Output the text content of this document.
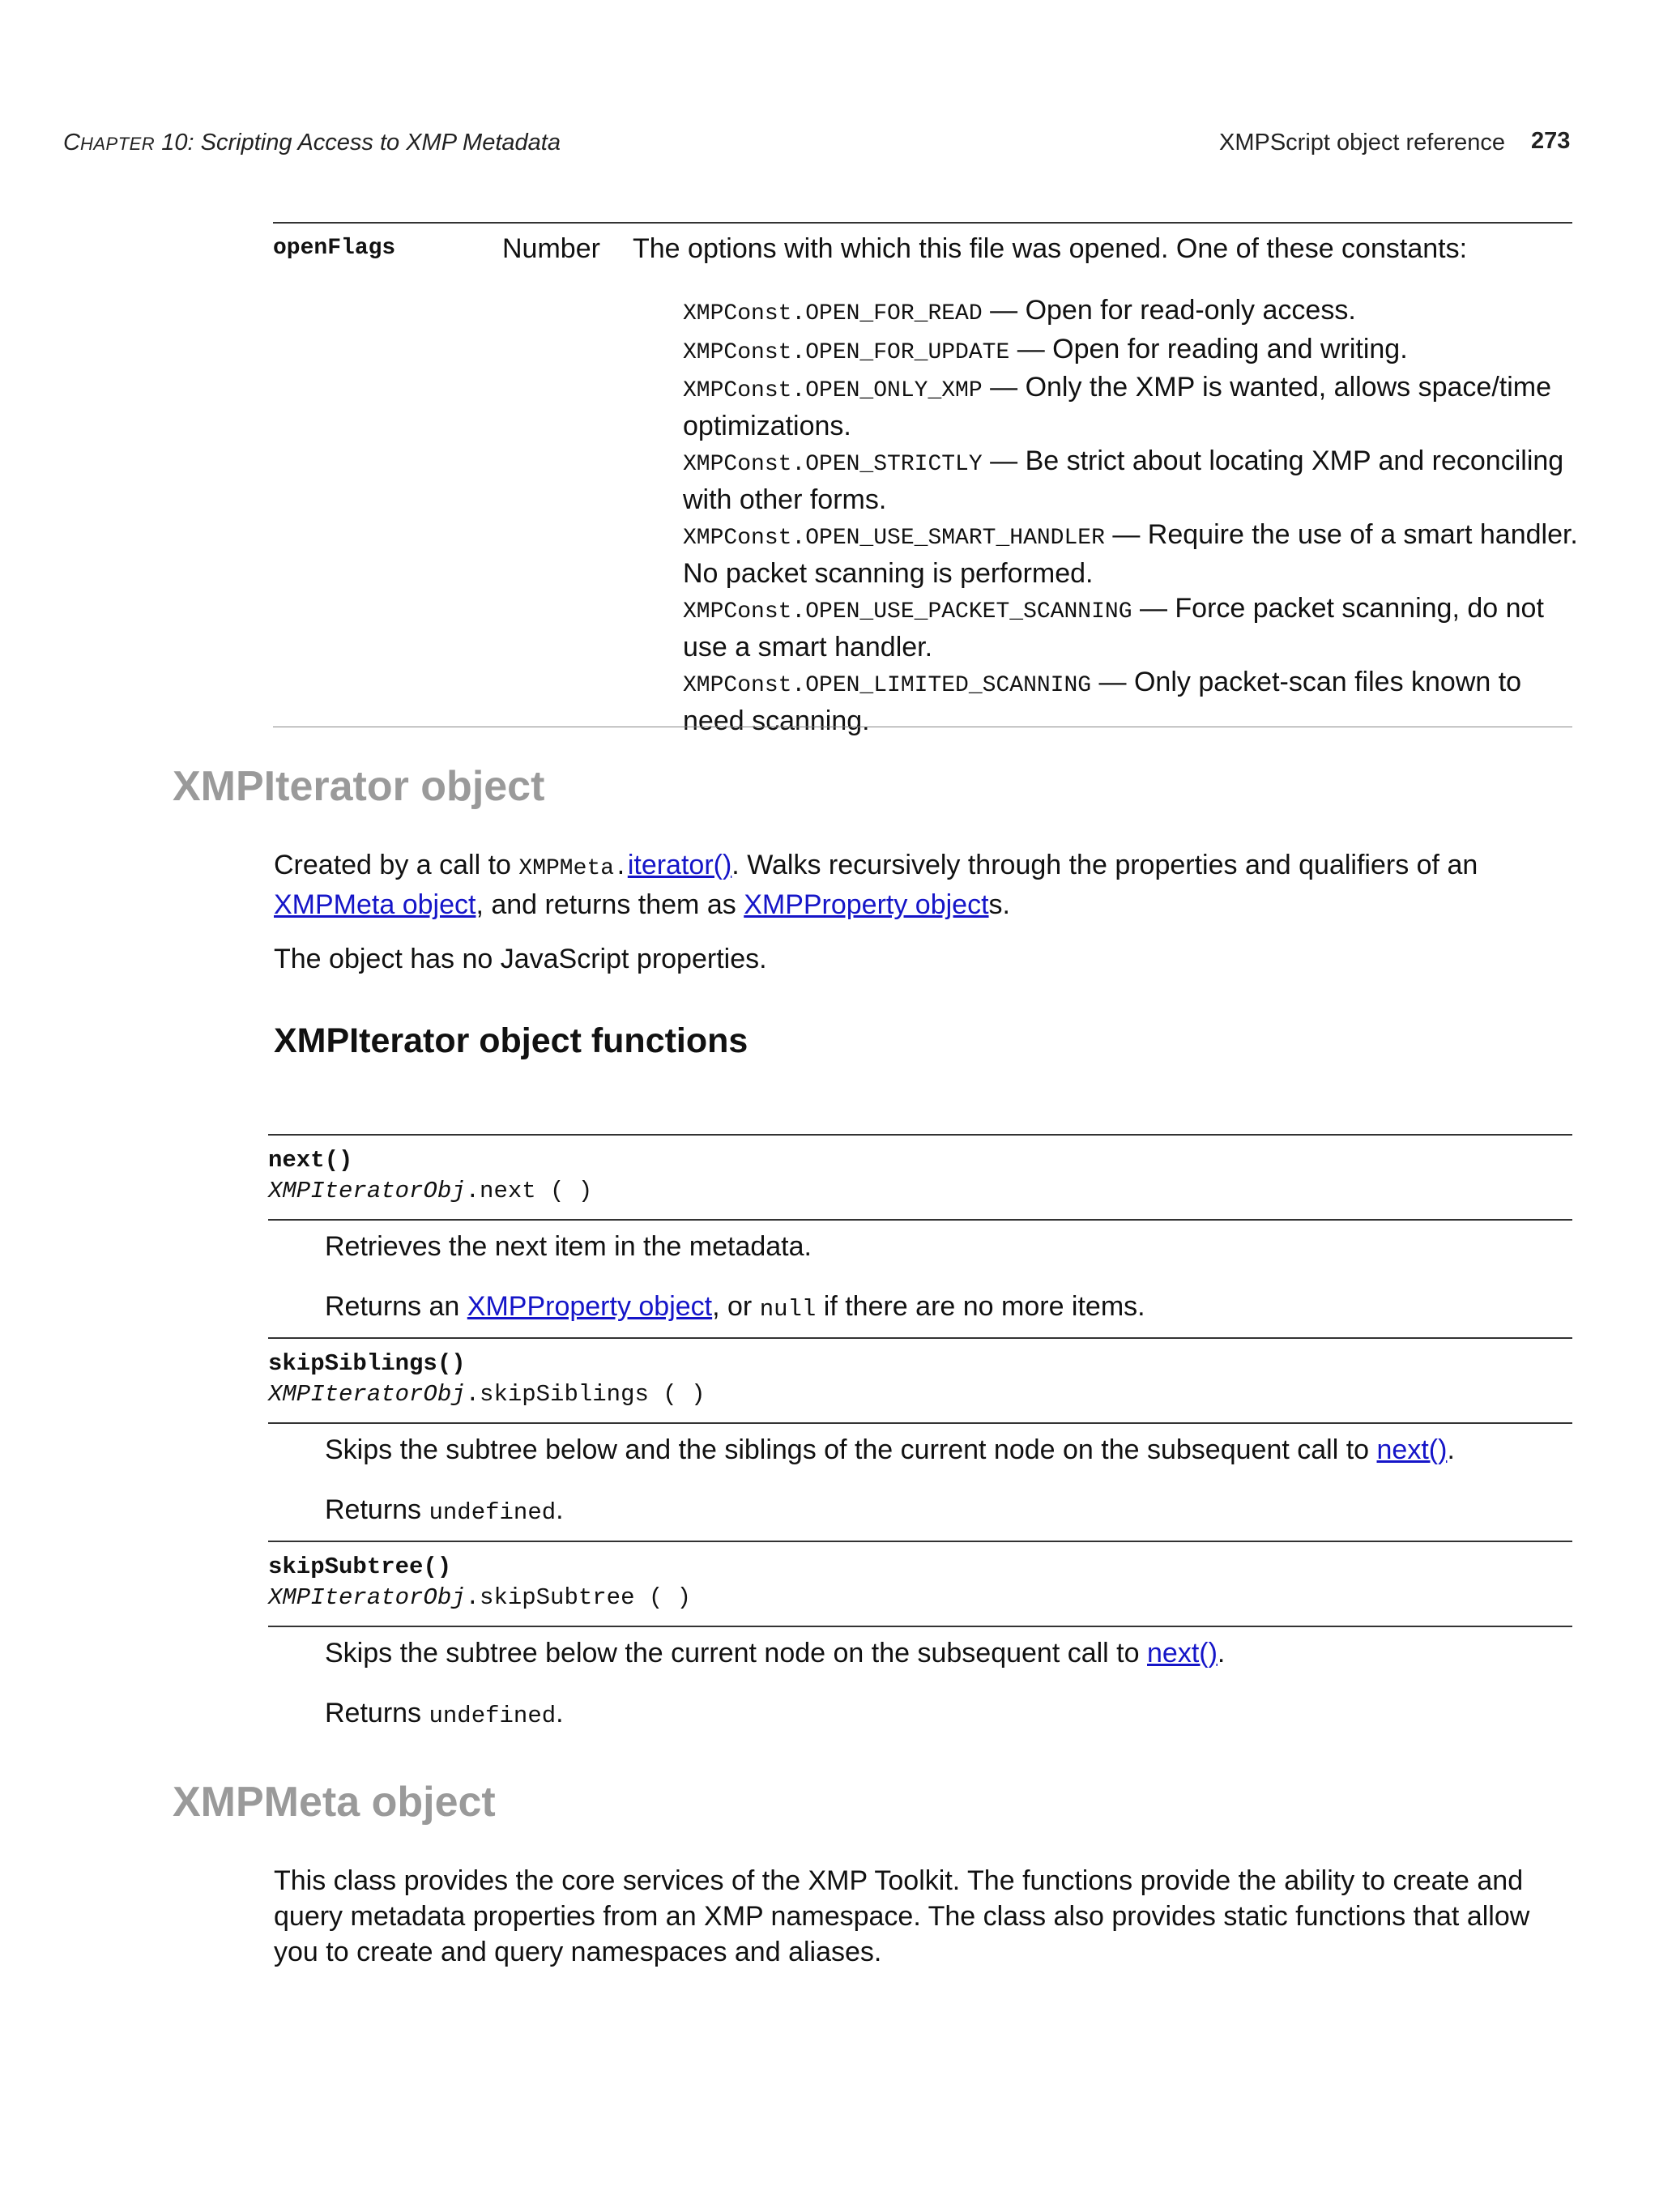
CHAPTER 10: Scripting Access to XMP Metadata	XMPScript object reference 273
openFlags	Number The options with which this file was opened. One of these constants:

XMPConst.OPEN_FOR_READ — Open for read-only access.

XMPConst.OPEN_FOR_UPDATE — Open for reading and writing.

XMPConst.OPEN_ONLY_XMP — Only the XMP is wanted, allows space/time optimizations.

XMPConst.OPEN_STRICTLY — Be strict about locating XMP and reconciling with other forms.

XMPConst.OPEN_USE_SMART_HANDLER — Require the use of a smart handler. No packet scanning is performed.

XMPConst.OPEN_USE_PACKET_SCANNING — Force packet scanning, do not use a smart handler.

XMPConst.OPEN_LIMITED_SCANNING — Only packet-scan files known to need scanning.

XMPIterator object

Created by a call to XMPMeta.iterator(). Walks recursively through the properties and qualifiers of an XMPMeta object, and returns them as XMPProperty objects.

The object has no JavaScript properties.

XMPIterator object functions
next()
XMPIteratorObj.next ( )

Retrieves the next item in the metadata.

Returns an XMPProperty object, or null if there are no more items.

skipSiblings()
XMPIteratorObj.skipSiblings ( )

Skips the subtree below and the siblings of the current node on the subsequent call to next().

Returns undefined.

skipSubtree()
XMPIteratorObj.skipSubtree ( )

Skips the subtree below the current node on the subsequent call to next().

Returns undefined.

XMPMeta object

This class provides the core services of the XMP Toolkit. The functions provide the ability to create and query metadata properties from an XMP namespace. The class also provides static functions that allow you to create and query namespaces and aliases.
